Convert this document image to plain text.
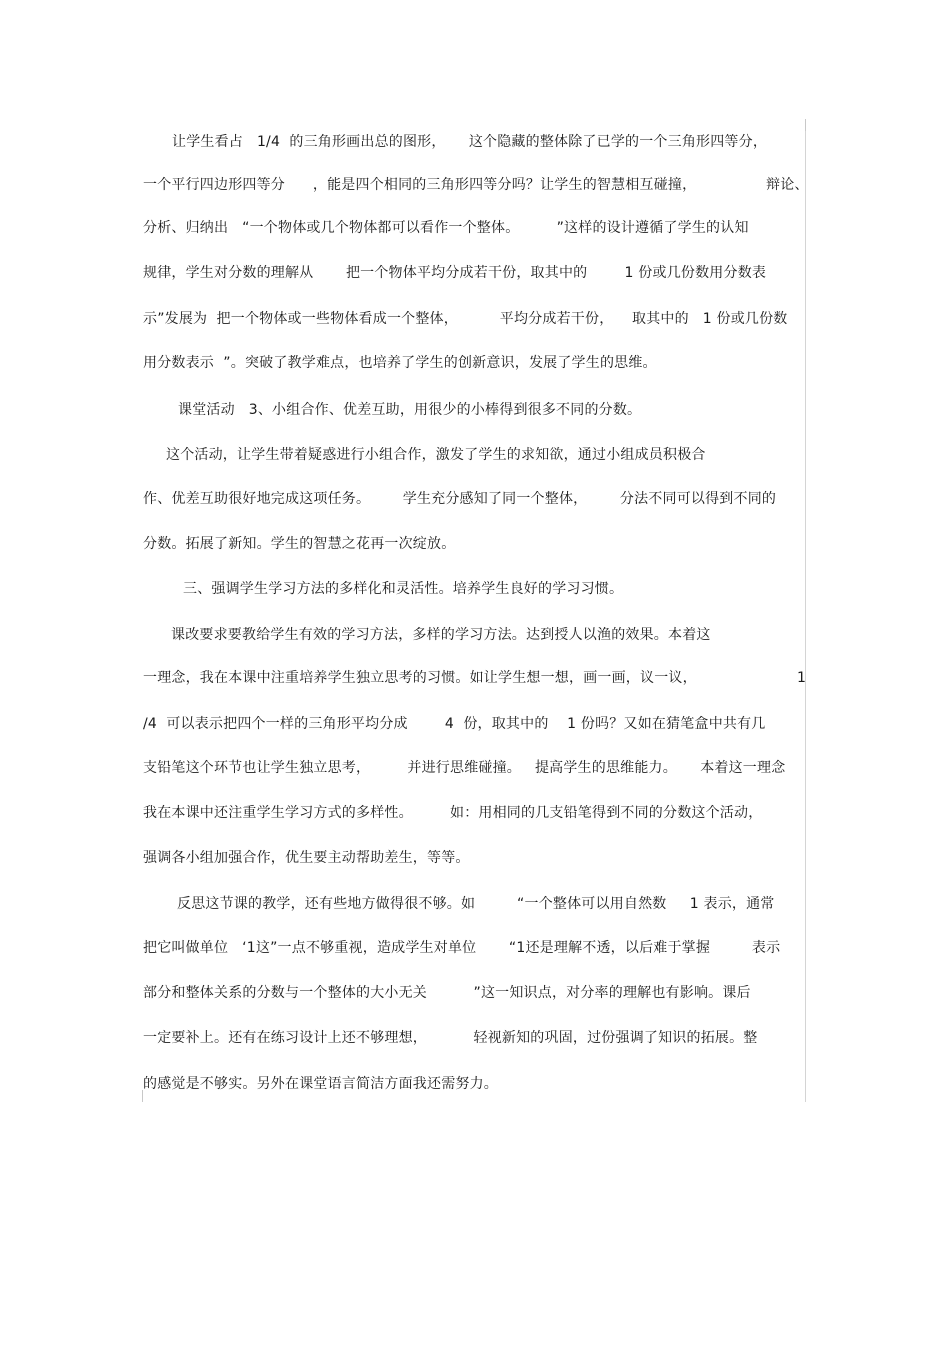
让学生看占   1/4  的三角形画出总的图形，     这个隐藏的整体除了已学的一个三角形四等分，
一个平行四边形四等分      ，能是四个相同的三角形四等分吗？让学生的智慧相互碰撞，               辩论、
分析、归纳出   “一个物体或几个物体都可以看作一个整体。        ”这样的设计遵循了学生的认知
规律，学生对分数的理解从       把一个物体平均分成若干份，取其中的        1 份或几份数用分数表
示”发展为  把一个物体或一些物体看成一个整体，         平均分成若干份，    取其中的   1 份或几份数
用分数表示  ”。突破了教学难点，也培养了学生的创新意识，发展了学生的思维。
课堂活动   3、小组合作、优差互助，用很少的小棒得到很多不同的分数。
这个活动，让学生带着疑惑进行小组合作，激发了学生的求知欲，通过小组成员积极合
作、优差互助很好地完成这项任务。       学生充分感知了同一个整体，       分法不同可以得到不同的
分数。拓展了新知。学生的智慧之花再一次绽放。
三、强调学生学习方法的多样化和灵活性。培养学生良好的学习习惯。
课改要求要教给学生有效的学习方法，多样的学习方法。达到授人以渔的效果。本着这
一理念，我在本课中注重培养学生独立思考的习惯。如让学生想一想，画一画，议一议，	1
/4  可以表示把四个一样的三角形平均分成        4  份，取其中的    1 份吗？又如在猜笔盒中共有几
支铅笔这个环节也让学生独立思考，        并进行思维碰撞。   提高学生的思维能力。     本着这一理念
我在本课中还注重学生学习方式的多样性。        如：用相同的几支铅笔得到不同的分数这个活动，
强调各小组加强合作，优生要主动帮助差生，等等。
反思这节课的教学，还有些地方做得很不够。如         “一个整体可以用自然数     1 表示，通常
把它叫做单位   ‘1这”一点不够重视，造成学生对单位       “1还是理解不透，以后难于掌握         表示
部分和整体关系的分数与一个整体的大小无关          ”这一知识点，对分率的理解也有影响。课后
一定要补上。还有在练习设计上还不够理想，          轻视新知的巩固，过份强调了知识的拓展。整
的感觉是不够实。另外在课堂语言简洁方面我还需努力。
